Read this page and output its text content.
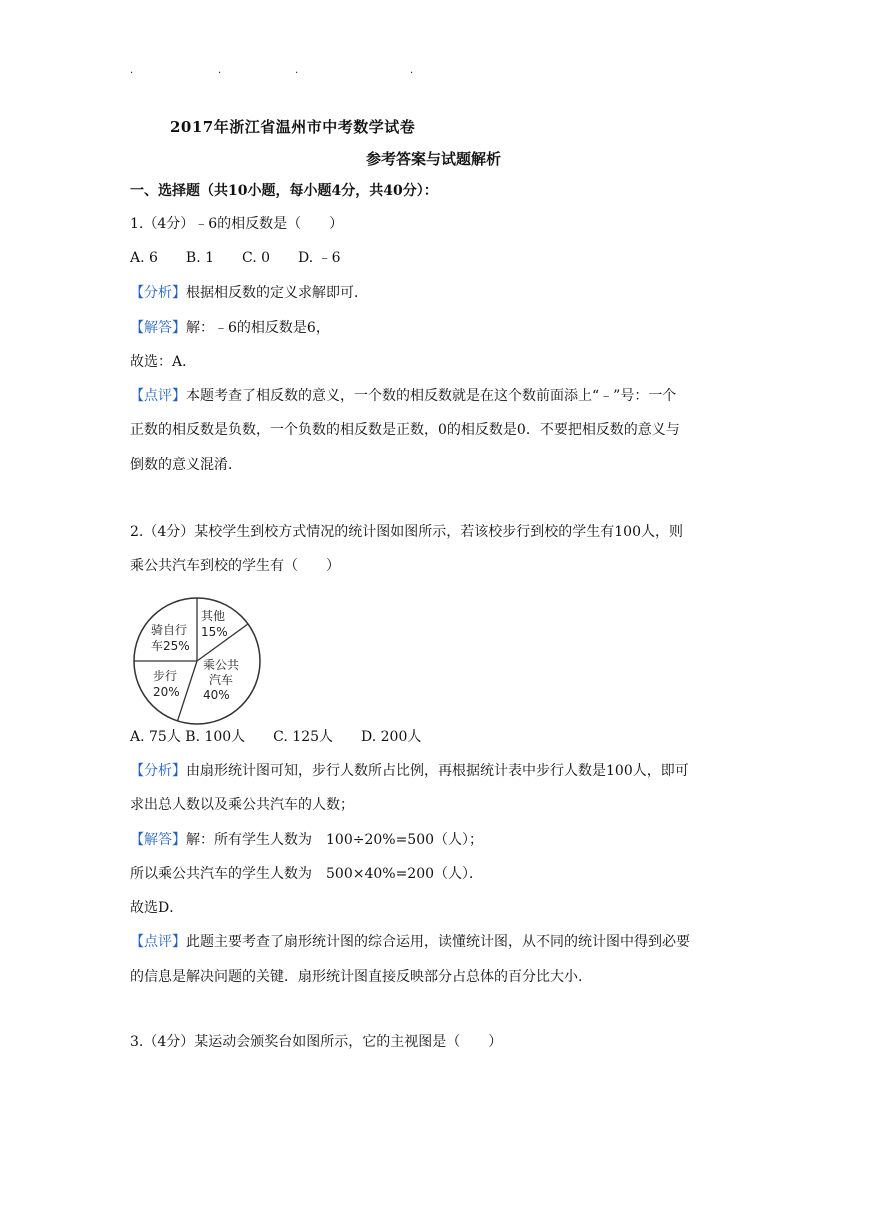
.	.	.	.
2017年浙江省温州市中考数学试卷
参考答案与试题解析
一、选择题（共10小题，每小题4分，共40分）：
1.（4分）﹣6的相反数是（　　）
A. 6　　B. 1　　C. 0　　D. ﹣6
【分析】根据相反数的定义求解即可．
【解答】解：﹣6的相反数是6，
故选：A．
【点评】本题考查了相反数的意义，一个数的相反数就是在这个数前面添上“﹣”号：一个
正数的相反数是负数，一个负数的相反数是正数，0的相反数是0．不要把相反数的意义与
倒数的意义混淆．
2.（4分）某校学生到校方式情况的统计图如图所示，若该校步行到校的学生有100人，则
乘公共汽车到校的学生有（　　）
其他
15%
骑自行
车25%
步行
20%
乘公共
汽车
40%
A. 75人 B. 100人　　C. 125人　　D. 200人
【分析】由扇形统计图可知，步行人数所占比例，再根据统计表中步行人数是100人，即可
求出总人数以及乘公共汽车的人数；
【解答】解：所有学生人数为　100÷20%=500（人）；
所以乘公共汽车的学生人数为　500×40%=200（人）．
故选D．
【点评】此题主要考查了扇形统计图的综合运用，读懂统计图，从不同的统计图中得到必要
的信息是解决问题的关键．扇形统计图直接反映部分占总体的百分比大小．
3.（4分）某运动会颁奖台如图所示，它的主视图是（　　）
